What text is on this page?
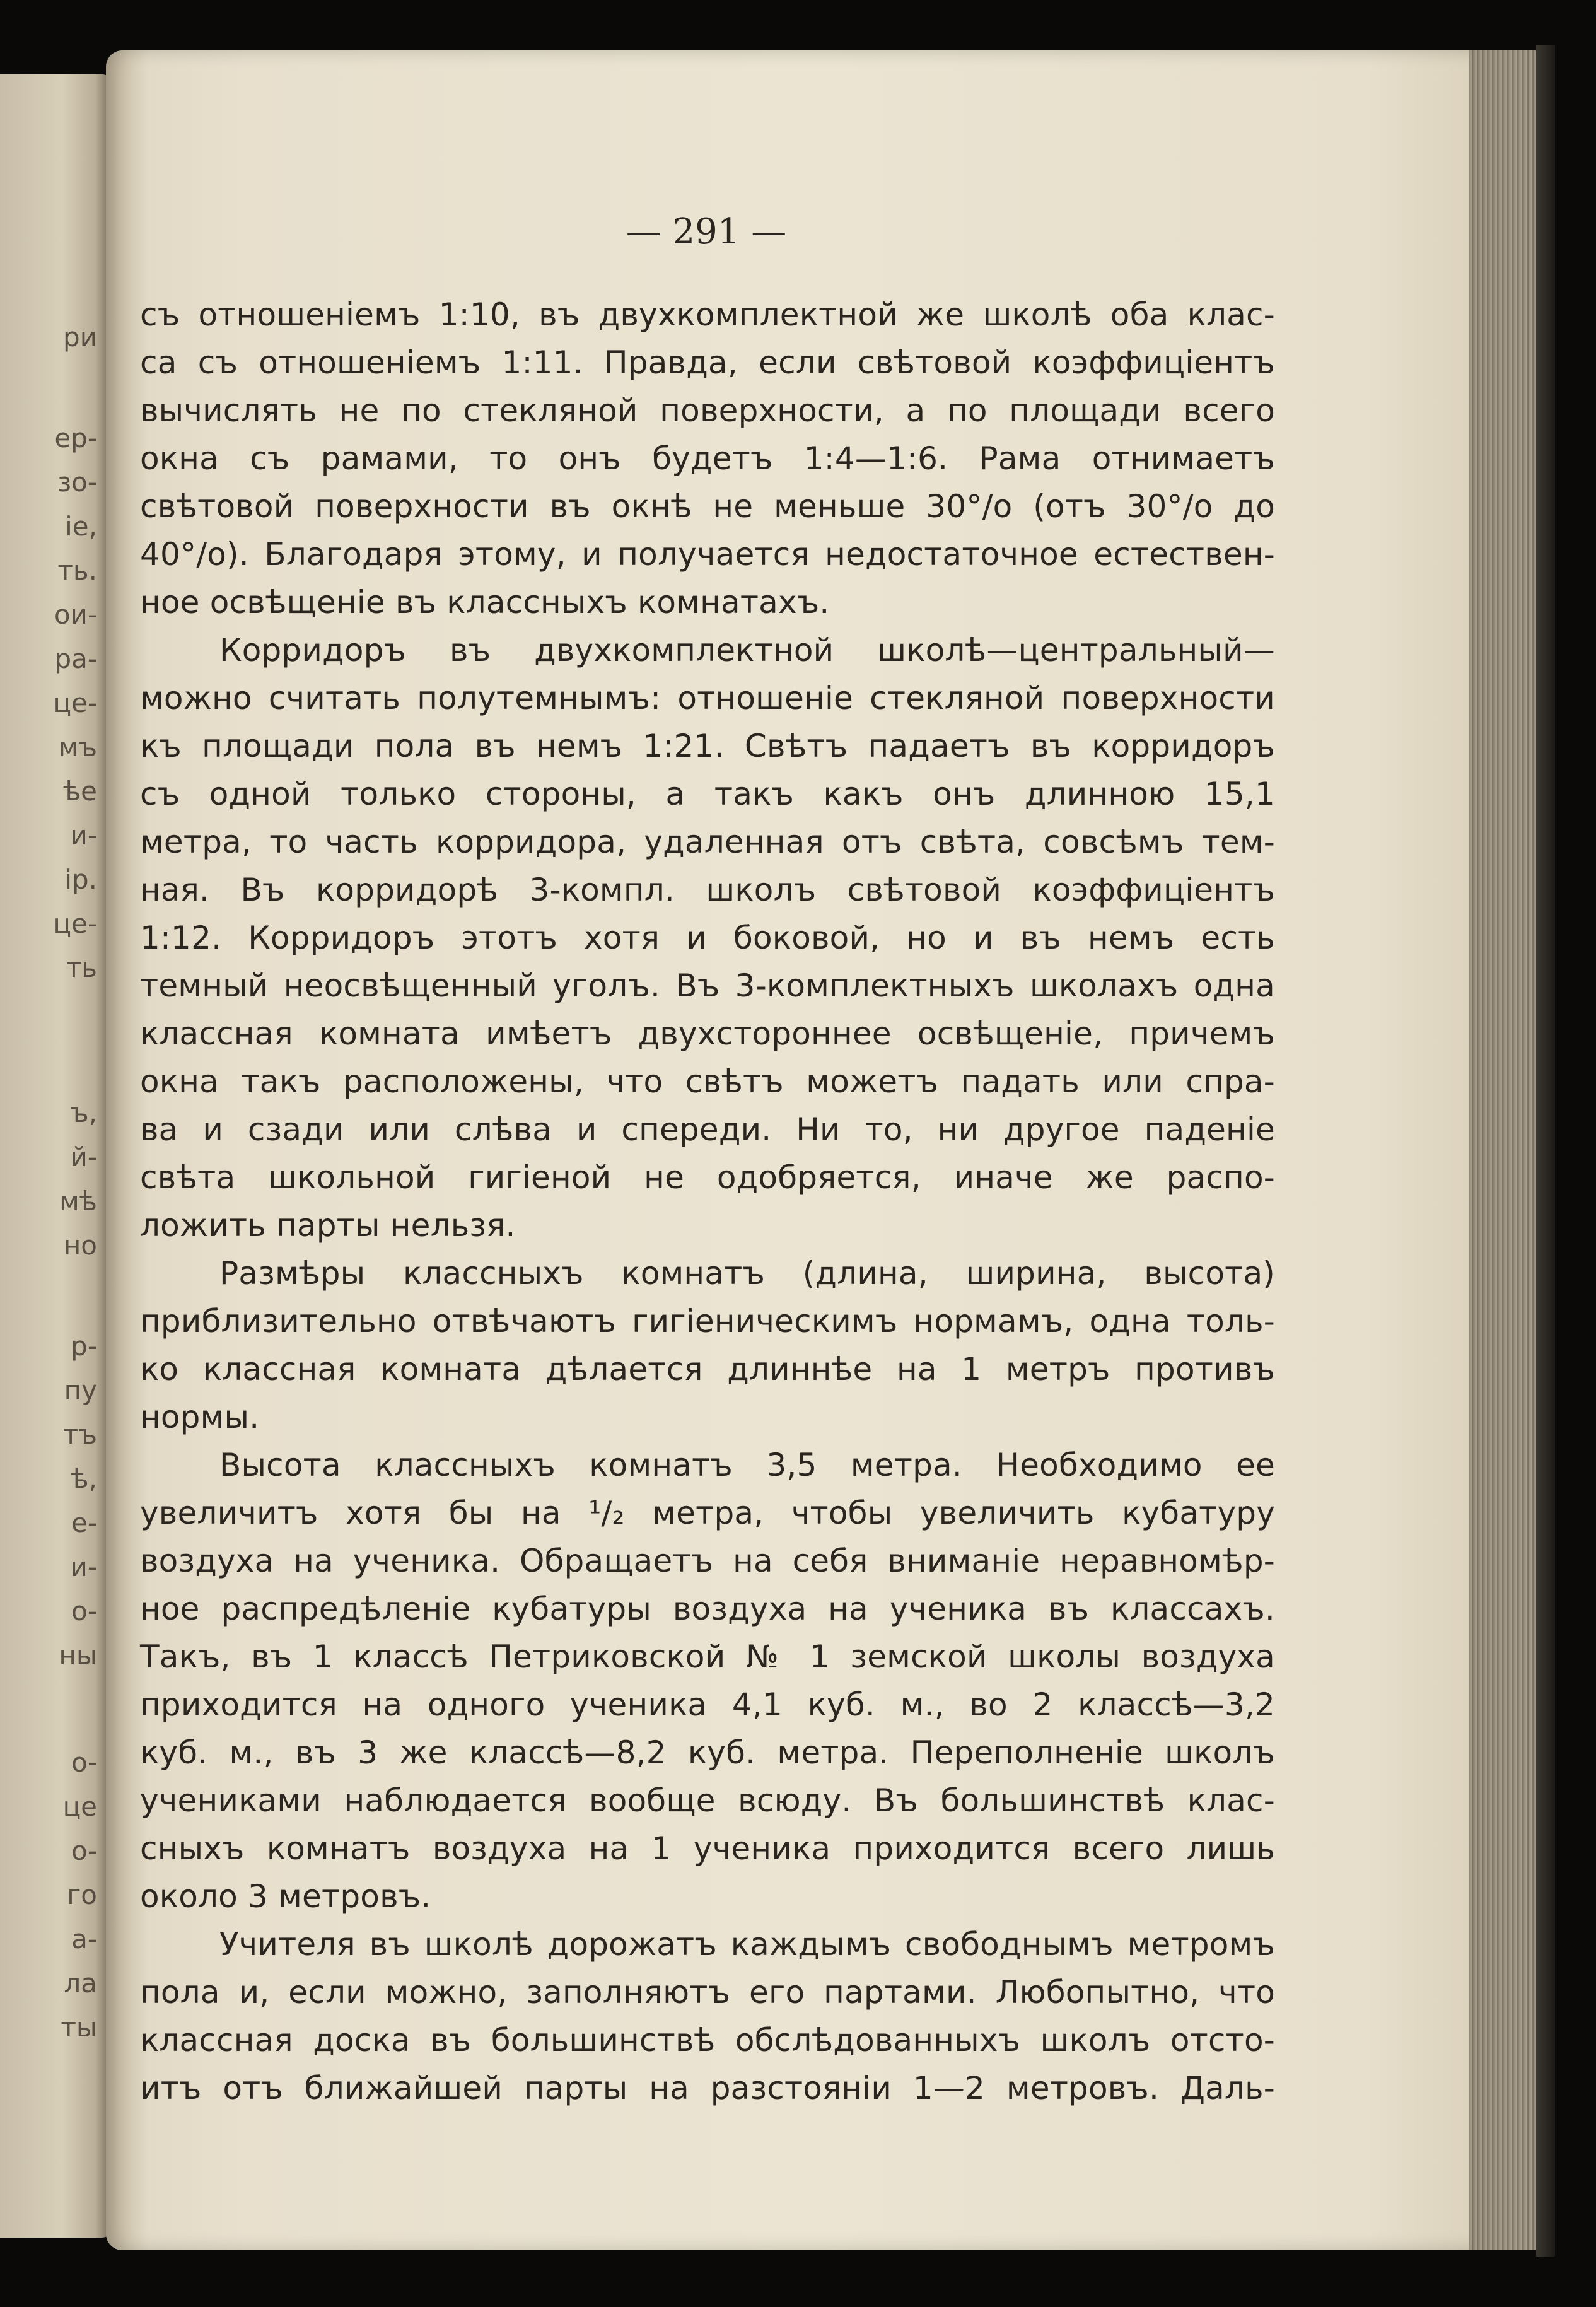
ри
ер-
зо-
іе,
ть.
ои-
ра-
це-
мъ
ѣе
и-
ір.
це-
ть
ъ,
й-
мѣ
но
р-
пу
тъ
ѣ,
е-
и-
о-
ны
о-
це
о-
го
а-
ла
ты
— 291 —
съ отношеніемъ 1:10, въ двухкомплектной же школѣ оба клас-
са съ отношеніемъ 1:11. Правда, если свѣтовой коэффиціентъ
вычислять не по стекляной поверхности, а по площади всего
окна съ рамами, то онъ будетъ 1:4—1:6. Рама отнимаетъ
свѣтовой поверхности въ окнѣ не меньше 30°/о (отъ 30°/о до
40°/о). Благодаря этому, и получается недостаточное естествен-
ное освѣщеніе въ классныхъ комнатахъ.
Корридоръ въ двухкомплектной школѣ—центральный—
можно считать полутемнымъ: отношеніе стекляной поверхности
къ площади пола въ немъ 1:21. Свѣтъ падаетъ въ корридоръ
съ одной только стороны, а такъ какъ онъ длинною 15,1
метра, то часть корридора, удаленная отъ свѣта, совсѣмъ тем-
ная. Въ корридорѣ 3-компл. школъ свѣтовой коэффиціентъ
1:12. Корридоръ этотъ хотя и боковой, но и въ немъ есть
темный неосвѣщенный уголъ. Въ 3-комплектныхъ школахъ одна
классная комната имѣетъ двухстороннее освѣщеніе, причемъ
окна такъ расположены, что свѣтъ можетъ падать или спра-
ва и сзади или слѣва и спереди. Ни то, ни другое паденіе
свѣта школьной гигіеной не одобряется, иначе же распо-
ложить парты нельзя.
Размѣры классныхъ комнатъ (длина, ширина, высота)
приблизительно отвѣчаютъ гигіеническимъ нормамъ, одна толь-
ко классная комната дѣлается длиннѣе на 1 метръ противъ
нормы.
Высота классныхъ комнатъ 3,5 метра. Необходимо ее
увеличитъ хотя бы на ¹/₂ метра, чтобы увеличить кубатуру
воздуха на ученика. Обращаетъ на себя вниманіе неравномѣр-
ное распредѣленіе кубатуры воздуха на ученика въ классахъ.
Такъ, въ 1 классѣ Петриковской № 1 земской школы воздуха
приходится на одного ученика 4,1 куб. м., во 2 классѣ—3,2
куб. м., въ 3 же классѣ—8,2 куб. метра. Переполненіе школъ
учениками наблюдается вообще всюду. Въ большинствѣ клас-
сныхъ комнатъ воздуха на 1 ученика приходится всего лишь
около 3 метровъ.
Учителя въ школѣ дорожатъ каждымъ свободнымъ метромъ
пола и, если можно, заполняютъ его партами. Любопытно, что
классная доска въ большинствѣ обслѣдованныхъ школъ отсто-
итъ отъ ближайшей парты на разстояніи 1—2 метровъ. Даль-
